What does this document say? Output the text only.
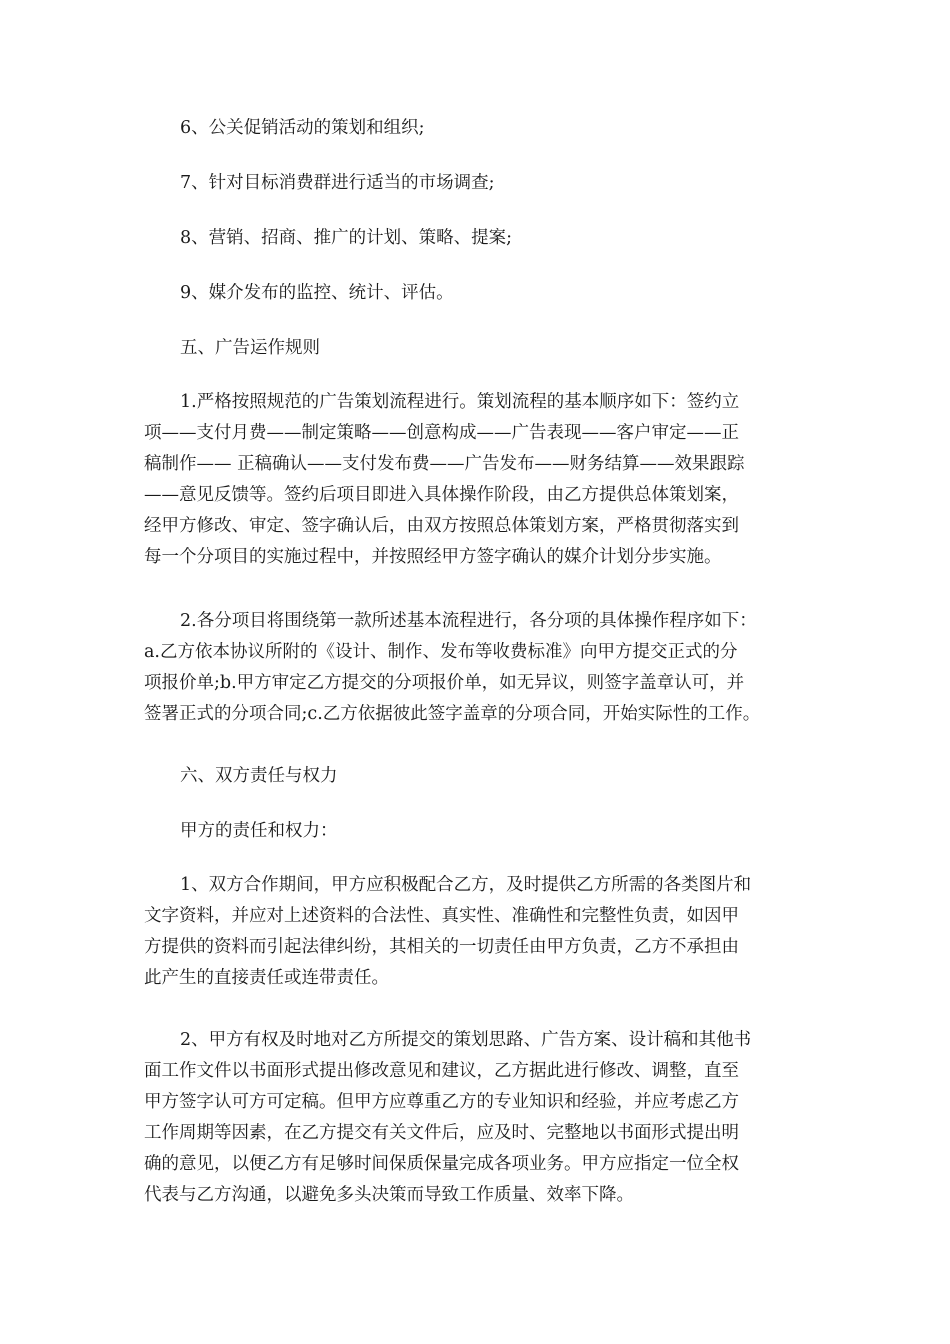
6、公关促销活动的策划和组织;

7、针对目标消费群进行适当的市场调查;

8、营销、招商、推广的计划、策略、提案;

9、媒介发布的监控、统计、评估。

五、广告运作规则

1.严格按照规范的广告策划流程进行。策划流程的基本顺序如下：签约立
项——支付月费——制定策略——创意构成——广告表现——客户审定——正
稿制作—— 正稿确认——支付发布费——广告发布——财务结算——效果跟踪
——意见反馈等。签约后项目即进入具体操作阶段，由乙方提供总体策划案，
经甲方修改、审定、签字确认后，由双方按照总体策划方案，严格贯彻落实到
每一个分项目的实施过程中，并按照经甲方签字确认的媒介计划分步实施。

2.各分项目将围绕第一款所述基本流程进行，各分项的具体操作程序如下：
a.乙方依本协议所附的《设计、制作、发布等收费标准》向甲方提交正式的分
项报价单;b.甲方审定乙方提交的分项报价单，如无异议，则签字盖章认可，并
签署正式的分项合同;c.乙方依据彼此签字盖章的分项合同，开始实际性的工作。

六、双方责任与权力

甲方的责任和权力：

1、双方合作期间，甲方应积极配合乙方，及时提供乙方所需的各类图片和
文字资料，并应对上述资料的合法性、真实性、准确性和完整性负责，如因甲
方提供的资料而引起法律纠纷，其相关的一切责任由甲方负责，乙方不承担由
此产生的直接责任或连带责任。

2、甲方有权及时地对乙方所提交的策划思路、广告方案、设计稿和其他书
面工作文件以书面形式提出修改意见和建议，乙方据此进行修改、调整，直至
甲方签字认可方可定稿。但甲方应尊重乙方的专业知识和经验，并应考虑乙方
工作周期等因素，在乙方提交有关文件后，应及时、完整地以书面形式提出明
确的意见，以便乙方有足够时间保质保量完成各项业务。甲方应指定一位全权
代表与乙方沟通，以避免多头决策而导致工作质量、效率下降。
